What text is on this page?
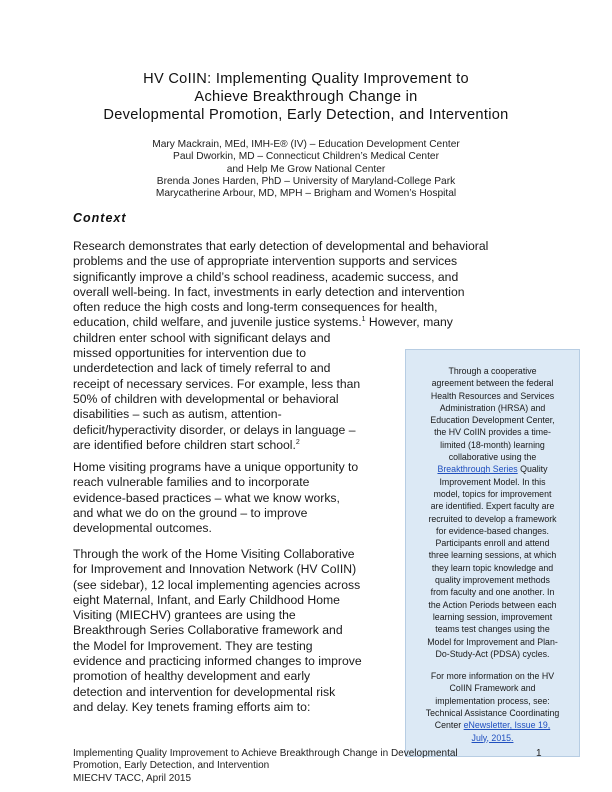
HV CoIIN: Implementing Quality Improvement to
Achieve Breakthrough Change in
Developmental Promotion, Early Detection, and Intervention
Mary Mackrain, MEd, IMH-E® (IV) – Education Development Center
Paul Dworkin, MD – Connecticut Children’s Medical Center
and Help Me Grow National Center
Brenda Jones Harden, PhD – University of Maryland-College Park
Marycatherine Arbour, MD, MPH – Brigham and Women’s Hospital
Context
Research demonstrates that early detection of developmental and behavioral
problems and the use of appropriate intervention supports and services
significantly improve a child’s school readiness, academic success, and
overall well-being. In fact, investments in early detection and intervention
often reduce the high costs and long-term consequences for health,
education, child welfare, and juvenile justice systems.$^1$ However, many
children enter school with significant delays and
missed opportunities for intervention due to
underdetection and lack of timely referral to and
receipt of necessary services. For example, less than
50% of children with developmental or behavioral
disabilities – such as autism, attention-
deficit/hyperactivity disorder, or delays in language –
are identified before children start school.$^2$
Home visiting programs have a unique opportunity to
reach vulnerable families and to incorporate
evidence-based practices – what we know works,
and what we do on the ground – to improve
developmental outcomes.
Through the work of the Home Visiting Collaborative
for Improvement and Innovation Network (HV CoIIN)
(see sidebar), 12 local implementing agencies across
eight Maternal, Infant, and Early Childhood Home
Visiting (MIECHV) grantees are using the
Breakthrough Series Collaborative framework and
the Model for Improvement. They are testing
evidence and practicing informed changes to improve
promotion of healthy development and early
detection and intervention for developmental risk
and delay. Key tenets framing efforts aim to:
Through a cooperative
agreement between the federal
Health Resources and Services
Administration (HRSA) and
Education Development Center,
the HV CoIIN provides a time-
limited (18-month) learning
collaborative using the
Breakthrough Series Quality
Improvement Model. In this
model, topics for improvement
are identified. Expert faculty are
recruited to develop a framework
for evidence-based changes.
Participants enroll and attend
three learning sessions, at which
they learn topic knowledge and
quality improvement methods
from faculty and one another. In
the Action Periods between each
learning session, improvement
teams test changes using the
Model for Improvement and Plan-
Do-Study-Act (PDSA) cycles.
For more information on the HV
CoIIN Framework and
implementation process, see:
Technical Assistance Coordinating
Center eNewsletter, Issue 19,
July, 2015.
Implementing Quality Improvement to Achieve Breakthrough Change in Developmental
Promotion, Early Detection, and Intervention
MIECHV TACC, April 2015
1
